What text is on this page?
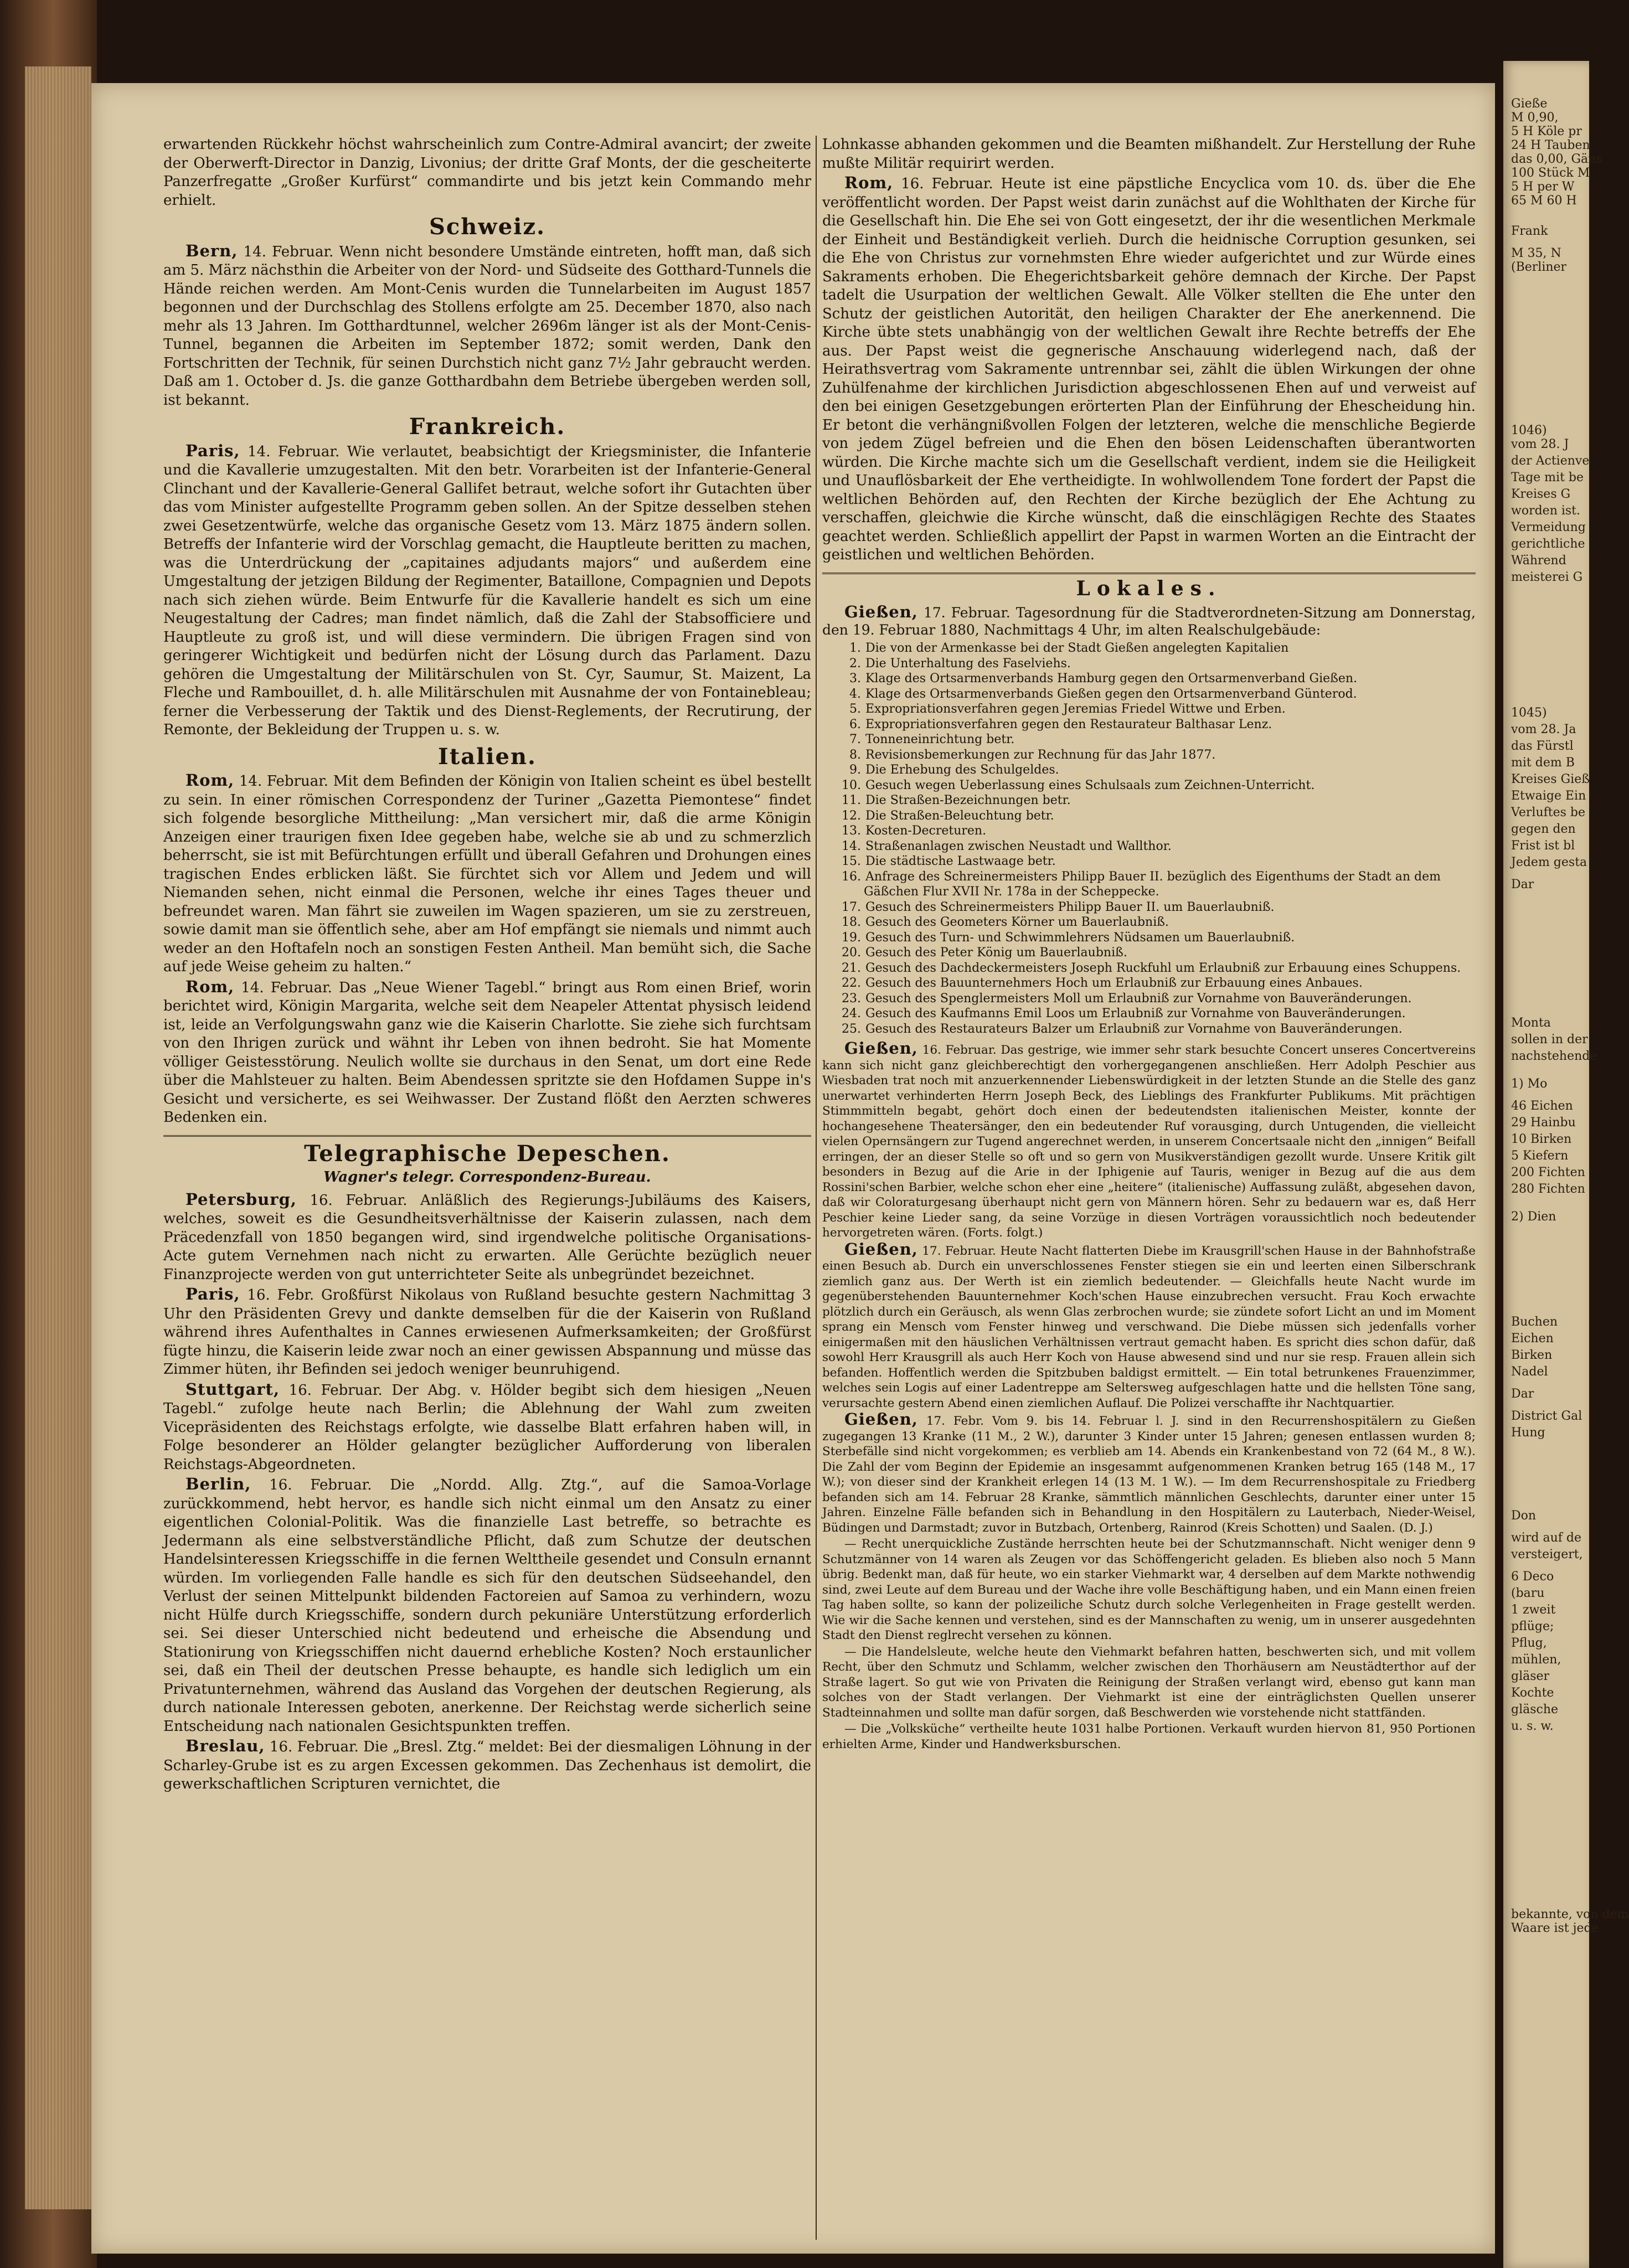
erwartenden Rückkehr höchst wahrscheinlich zum Contre-Admiral avancirt; der zweite der Oberwerft-Director in Danzig, Livonius; der dritte Graf Monts, der die gescheiterte Panzerfregatte „Großer Kurfürst“ commandirte und bis jetzt kein Commando mehr erhielt.

Schweiz.

Bern, 14. Februar. Wenn nicht besondere Umstände eintreten, hofft man, daß sich am 5. März nächsthin die Arbeiter von der Nord- und Südseite des Gotthard-Tunnels die Hände reichen werden. Am Mont-Cenis wurden die Tunnelarbeiten im August 1857 begonnen und der Durchschlag des Stollens erfolgte am 25. December 1870, also nach mehr als 13 Jahren. Im Gotthardtunnel, welcher 2696m länger ist als der Mont-Cenis-Tunnel, begannen die Arbeiten im September 1872; somit werden, Dank den Fortschritten der Technik, für seinen Durchstich nicht ganz 7½ Jahr gebraucht werden. Daß am 1. October d. Js. die ganze Gotthardbahn dem Betriebe übergeben werden soll, ist bekannt.

Frankreich.

Paris, 14. Februar. Wie verlautet, beabsichtigt der Kriegsminister, die Infanterie und die Kavallerie umzugestalten. Mit den betr. Vorarbeiten ist der Infanterie-General Clinchant und der Kavallerie-General Gallifet betraut, welche sofort ihr Gutachten über das vom Minister aufgestellte Programm geben sollen. An der Spitze desselben stehen zwei Gesetzentwürfe, welche das organische Gesetz vom 13. März 1875 ändern sollen. Betreffs der Infanterie wird der Vorschlag gemacht, die Hauptleute beritten zu machen, was die Unterdrückung der „capitaines adjudants majors“ und außerdem eine Umgestaltung der jetzigen Bildung der Regimenter, Bataillone, Compagnien und Depots nach sich ziehen würde. Beim Entwurfe für die Kavallerie handelt es sich um eine Neugestaltung der Cadres; man findet nämlich, daß die Zahl der Stabsofficiere und Hauptleute zu groß ist, und will diese vermindern. Die übrigen Fragen sind von geringerer Wichtigkeit und bedürfen nicht der Lösung durch das Parlament. Dazu gehören die Umgestaltung der Militärschulen von St. Cyr, Saumur, St. Maizent, La Fleche und Rambouillet, d. h. alle Militärschulen mit Ausnahme der von Fontainebleau; ferner die Verbesserung der Taktik und des Dienst-Reglements, der Recrutirung, der Remonte, der Bekleidung der Truppen u. s. w.

Italien.

Rom, 14. Februar. Mit dem Befinden der Königin von Italien scheint es übel bestellt zu sein. In einer römischen Correspondenz der Turiner „Gazetta Piemontese“ findet sich folgende besorgliche Mittheilung: „Man versichert mir, daß die arme Königin Anzeigen einer traurigen fixen Idee gegeben habe, welche sie ab und zu schmerzlich beherrscht, sie ist mit Befürchtungen erfüllt und überall Gefahren und Drohungen eines tragischen Endes erblicken läßt. Sie fürchtet sich vor Allem und Jedem und will Niemanden sehen, nicht einmal die Personen, welche ihr eines Tages theuer und befreundet waren. Man fährt sie zuweilen im Wagen spazieren, um sie zu zerstreuen, sowie damit man sie öffentlich sehe, aber am Hof empfängt sie niemals und nimmt auch weder an den Hoftafeln noch an sonstigen Festen Antheil. Man bemüht sich, die Sache auf jede Weise geheim zu halten.“

Rom, 14. Februar. Das „Neue Wiener Tagebl.“ bringt aus Rom einen Brief, worin berichtet wird, Königin Margarita, welche seit dem Neapeler Attentat physisch leidend ist, leide an Verfolgungswahn ganz wie die Kaiserin Charlotte. Sie ziehe sich furchtsam von den Ihrigen zurück und wähnt ihr Leben von ihnen bedroht. Sie hat Momente völliger Geistesstörung. Neulich wollte sie durchaus in den Senat, um dort eine Rede über die Mahlsteuer zu halten. Beim Abendessen spritzte sie den Hofdamen Suppe in's Gesicht und versicherte, es sei Weihwasser. Der Zustand flößt den Aerzten schweres Bedenken ein.

Telegraphische Depeschen.
Wagner's telegr. Correspondenz-Bureau.

Petersburg, 16. Februar. Anläßlich des Regierungs-Jubiläums des Kaisers, welches, soweit es die Gesundheitsverhältnisse der Kaiserin zulassen, nach dem Präcedenzfall von 1850 begangen wird, sind irgendwelche politische Organisations-Acte gutem Vernehmen nach nicht zu erwarten. Alle Gerüchte bezüglich neuer Finanzprojecte werden von gut unterrichteter Seite als unbegründet bezeichnet.

Paris, 16. Febr. Großfürst Nikolaus von Rußland besuchte gestern Nachmittag 3 Uhr den Präsidenten Grevy und dankte demselben für die der Kaiserin von Rußland während ihres Aufenthaltes in Cannes erwiesenen Aufmerksamkeiten; der Großfürst fügte hinzu, die Kaiserin leide zwar noch an einer gewissen Abspannung und müsse das Zimmer hüten, ihr Befinden sei jedoch weniger beunruhigend.

Stuttgart, 16. Februar. Der Abg. v. Hölder begibt sich dem hiesigen „Neuen Tagebl.“ zufolge heute nach Berlin; die Ablehnung der Wahl zum zweiten Vicepräsidenten des Reichstags erfolgte, wie dasselbe Blatt erfahren haben will, in Folge besonderer an Hölder gelangter bezüglicher Aufforderung von liberalen Reichstags-Abgeordneten.

Berlin, 16. Februar. Die „Nordd. Allg. Ztg.“, auf die Samoa-Vorlage zurückkommend, hebt hervor, es handle sich nicht einmal um den Ansatz zu einer eigentlichen Colonial-Politik. Was die finanzielle Last betreffe, so betrachte es Jedermann als eine selbstverständliche Pflicht, daß zum Schutze der deutschen Handelsinteressen Kriegsschiffe in die fernen Welttheile gesendet und Consuln ernannt würden. Im vorliegenden Falle handle es sich für den deutschen Südseehandel, den Verlust der seinen Mittelpunkt bildenden Factoreien auf Samoa zu verhindern, wozu nicht Hülfe durch Kriegsschiffe, sondern durch pekuniäre Unterstützung erforderlich sei. Sei dieser Unterschied nicht bedeutend und erheische die Absendung und Stationirung von Kriegsschiffen nicht dauernd erhebliche Kosten? Noch erstaunlicher sei, daß ein Theil der deutschen Presse behaupte, es handle sich lediglich um ein Privatunternehmen, während das Ausland das Vorgehen der deutschen Regierung, als durch nationale Interessen geboten, anerkenne. Der Reichstag werde sicherlich seine Entscheidung nach nationalen Gesichtspunkten treffen.

Breslau, 16. Februar. Die „Bresl. Ztg.“ meldet: Bei der diesmaligen Löhnung in der Scharley-Grube ist es zu argen Excessen gekommen. Das Zechenhaus ist demolirt, die gewerkschaftlichen Scripturen vernichtet, die

Lohnkasse abhanden gekommen und die Beamten mißhandelt. Zur Herstellung der Ruhe mußte Militär requirirt werden.

Rom, 16. Februar. Heute ist eine päpstliche Encyclica vom 10. ds. über die Ehe veröffentlicht worden. Der Papst weist darin zunächst auf die Wohlthaten der Kirche für die Gesellschaft hin. Die Ehe sei von Gott eingesetzt, der ihr die wesentlichen Merkmale der Einheit und Beständigkeit verlieh. Durch die heidnische Corruption gesunken, sei die Ehe von Christus zur vornehmsten Ehre wieder aufgerichtet und zur Würde eines Sakraments erhoben. Die Ehegerichtsbarkeit gehöre demnach der Kirche. Der Papst tadelt die Usurpation der weltlichen Gewalt. Alle Völker stellten die Ehe unter den Schutz der geistlichen Autorität, den heiligen Charakter der Ehe anerkennend. Die Kirche übte stets unabhängig von der weltlichen Gewalt ihre Rechte betreffs der Ehe aus. Der Papst weist die gegnerische Anschauung widerlegend nach, daß der Heirathsvertrag vom Sakramente untrennbar sei, zählt die üblen Wirkungen der ohne Zuhülfenahme der kirchlichen Jurisdiction abgeschlossenen Ehen auf und verweist auf den bei einigen Gesetzgebungen erörterten Plan der Einführung der Ehescheidung hin. Er betont die verhängnißvollen Folgen der letzteren, welche die menschliche Begierde von jedem Zügel befreien und die Ehen den bösen Leidenschaften überantworten würden. Die Kirche machte sich um die Gesellschaft verdient, indem sie die Heiligkeit und Unauflösbarkeit der Ehe vertheidigte. In wohlwollendem Tone fordert der Papst die weltlichen Behörden auf, den Rechten der Kirche bezüglich der Ehe Achtung zu verschaffen, gleichwie die Kirche wünscht, daß die einschlägigen Rechte des Staates geachtet werden. Schließlich appellirt der Papst in warmen Worten an die Eintracht der geistlichen und weltlichen Behörden.

Lokales.

Gießen, 17. Februar. Tagesordnung für die Stadtverordneten-Sitzung am Donnerstag, den 19. Februar 1880, Nachmittags 4 Uhr, im alten Realschulgebäude:

1. Die von der Armenkasse bei der Stadt Gießen angelegten Kapitalien
2. Die Unterhaltung des Faselviehs.
3. Klage des Ortsarmenverbands Hamburg gegen den Ortsarmenverband Gießen.
4. Klage des Ortsarmenverbands Gießen gegen den Ortsarmenverband Günterod.
5. Expropriationsverfahren gegen Jeremias Friedel Wittwe und Erben.
6. Expropriationsverfahren gegen den Restaurateur Balthasar Lenz.
7. Tonneneinrichtung betr.
8. Revisionsbemerkungen zur Rechnung für das Jahr 1877.
9. Die Erhebung des Schulgeldes.
10. Gesuch wegen Ueberlassung eines Schulsaals zum Zeichnen-Unterricht.
11. Die Straßen-Bezeichnungen betr.
12. Die Straßen-Beleuchtung betr.
13. Kosten-Decreturen.
14. Straßenanlagen zwischen Neustadt und Wallthor.
15. Die städtische Lastwaage betr.
16. Anfrage des Schreinermeisters Philipp Bauer II. bezüglich des Eigenthums der Stadt an dem Gäßchen Flur XVII Nr. 178a in der Scheppecke.
17. Gesuch des Schreinermeisters Philipp Bauer II. um Bauerlaubniß.
18. Gesuch des Geometers Körner um Bauerlaubniß.
19. Gesuch des Turn- und Schwimmlehrers Nüdsamen um Bauerlaubniß.
20. Gesuch des Peter König um Bauerlaubniß.
21. Gesuch des Dachdeckermeisters Joseph Ruckfuhl um Erlaubniß zur Erbauung eines Schuppens.
22. Gesuch des Bauunternehmers Hoch um Erlaubniß zur Erbauung eines Anbaues.
23. Gesuch des Spenglermeisters Moll um Erlaubniß zur Vornahme von Bauveränderungen.
24. Gesuch des Kaufmanns Emil Loos um Erlaubniß zur Vornahme von Bauveränderungen.
25. Gesuch des Restaurateurs Balzer um Erlaubniß zur Vornahme von Bauveränderungen.

Gießen, 16. Februar. Das gestrige, wie immer sehr stark besuchte Concert unseres Concertvereins kann sich nicht ganz gleichberechtigt den vorhergegangenen anschließen. Herr Adolph Peschier aus Wiesbaden trat noch mit anzuerkennender Liebenswürdigkeit in der letzten Stunde an die Stelle des ganz unerwartet verhinderten Herrn Joseph Beck, des Lieblings des Frankfurter Publikums. Mit prächtigen Stimmmitteln begabt, gehört doch einen der bedeutendsten italienischen Meister, konnte der hochangesehene Theatersänger, den ein bedeutender Ruf vorausging, durch Untugenden, die vielleicht vielen Opernsängern zur Tugend angerechnet werden, in unserem Concertsaale nicht den „innigen“ Beifall erringen, der an dieser Stelle so oft und so gern von Musikverständigen gezollt wurde. Unsere Kritik gilt besonders in Bezug auf die Arie in der Iphigenie auf Tauris, weniger in Bezug auf die aus dem Rossini'schen Barbier, welche schon eher eine „heitere“ (italienische) Auffassung zuläßt, abgesehen davon, daß wir Coloraturgesang überhaupt nicht gern von Männern hören. Sehr zu bedauern war es, daß Herr Peschier keine Lieder sang, da seine Vorzüge in diesen Vorträgen voraussichtlich noch bedeutender hervorgetreten wären. (Forts. folgt.)

Gießen, 17. Februar. Heute Nacht flatterten Diebe im Krausgrill'schen Hause in der Bahnhofstraße einen Besuch ab. Durch ein unverschlossenes Fenster stiegen sie ein und leerten einen Silberschrank ziemlich ganz aus. Der Werth ist ein ziemlich bedeutender. — Gleichfalls heute Nacht wurde im gegenüberstehenden Bauunternehmer Koch'schen Hause einzubrechen versucht. Frau Koch erwachte plötzlich durch ein Geräusch, als wenn Glas zerbrochen wurde; sie zündete sofort Licht an und im Moment sprang ein Mensch vom Fenster hinweg und verschwand. Die Diebe müssen sich jedenfalls vorher einigermaßen mit den häuslichen Verhältnissen vertraut gemacht haben. Es spricht dies schon dafür, daß sowohl Herr Krausgrill als auch Herr Koch von Hause abwesend sind und nur sie resp. Frauen allein sich befanden. Hoffentlich werden die Spitzbuben baldigst ermittelt. — Ein total betrunkenes Frauenzimmer, welches sein Logis auf einer Ladentreppe am Seltersweg aufgeschlagen hatte und die hellsten Töne sang, verursachte gestern Abend einen ziemlichen Auflauf. Die Polizei verschaffte ihr Nachtquartier.

Gießen, 17. Febr. Vom 9. bis 14. Februar l. J. sind in den Recurrenshospitälern zu Gießen zugegangen 13 Kranke (11 M., 2 W.), darunter 3 Kinder unter 15 Jahren; genesen entlassen wurden 8; Sterbefälle sind nicht vorgekommen; es verblieb am 14. Abends ein Krankenbestand von 72 (64 M., 8 W.). Die Zahl der vom Beginn der Epidemie an insgesammt aufgenommenen Kranken betrug 165 (148 M., 17 W.); von dieser sind der Krankheit erlegen 14 (13 M. 1 W.). — Im dem Recurrenshospitale zu Friedberg befanden sich am 14. Februar 28 Kranke, sämmtlich männlichen Geschlechts, darunter einer unter 15 Jahren. Einzelne Fälle befanden sich in Behandlung in den Hospitälern zu Lauterbach, Nieder-Weisel, Büdingen und Darmstadt; zuvor in Butzbach, Ortenberg, Rainrod (Kreis Schotten) und Saalen. (D. J.)

— Recht unerquickliche Zustände herrschten heute bei der Schutzmannschaft. Nicht weniger denn 9 Schutzmänner von 14 waren als Zeugen vor das Schöffengericht geladen. Es blieben also noch 5 Mann übrig. Bedenkt man, daß für heute, wo ein starker Viehmarkt war, 4 derselben auf dem Markte nothwendig sind, zwei Leute auf dem Bureau und der Wache ihre volle Beschäftigung haben, und ein Mann einen freien Tag haben sollte, so kann der polizeiliche Schutz durch solche Verlegenheiten in Frage gestellt werden. Wie wir die Sache kennen und verstehen, sind es der Mannschaften zu wenig, um in unserer ausgedehnten Stadt den Dienst reglrecht versehen zu können.

— Die Handelsleute, welche heute den Viehmarkt befahren hatten, beschwerten sich, und mit vollem Recht, über den Schmutz und Schlamm, welcher zwischen den Thorhäusern am Neustädterthor auf der Straße lagert. So gut wie von Privaten die Reinigung der Straßen verlangt wird, ebenso gut kann man solches von der Stadt verlangen. Der Viehmarkt ist eine der einträglichsten Quellen unserer Stadteinnahmen und sollte man dafür sorgen, daß Beschwerden wie vorstehende nicht stattfänden.

— Die „Volksküche“ vertheilte heute 1031 halbe Portionen. Verkauft wurden hiervon 81, 950 Portionen erhielten Arme, Kinder und Handwerksburschen.

Gieße
M 0,90,
5 H Köle pr
24 H Tauben
das 0,00, Gäns
100 Stück M
5 H per W
65 M 60 H
Frank
M 35, N
(Berliner
1046)
vom 28. J
der Actienve
Tage mit be
Kreises G
worden ist.
Vermeidung
gerichtliche
Während
meisterei G
1045)
vom 28. Ja
das Fürstl
mit dem B
Kreises Gieß
Etwaige Ein
Verluftes be
gegen den
Frist ist bl
Jedem gesta
Dar
Monta
sollen in der
nachstehende
1) Mo
46 Eichen
29 Hainbu
10 Birken
5 Kiefern
200 Fichten
280 Fichten
2) Dien
Buchen
Eichen
Birken
Nadel
Dar
District Gal
Hung
Don
wird auf de
versteigert,
6 Deco
(baru
1 zweit
pflüge;
Pflug,
mühlen,
gläser
Kochte
gläsche
u. s. w.
bekannte, von dem
Waare ist jede
